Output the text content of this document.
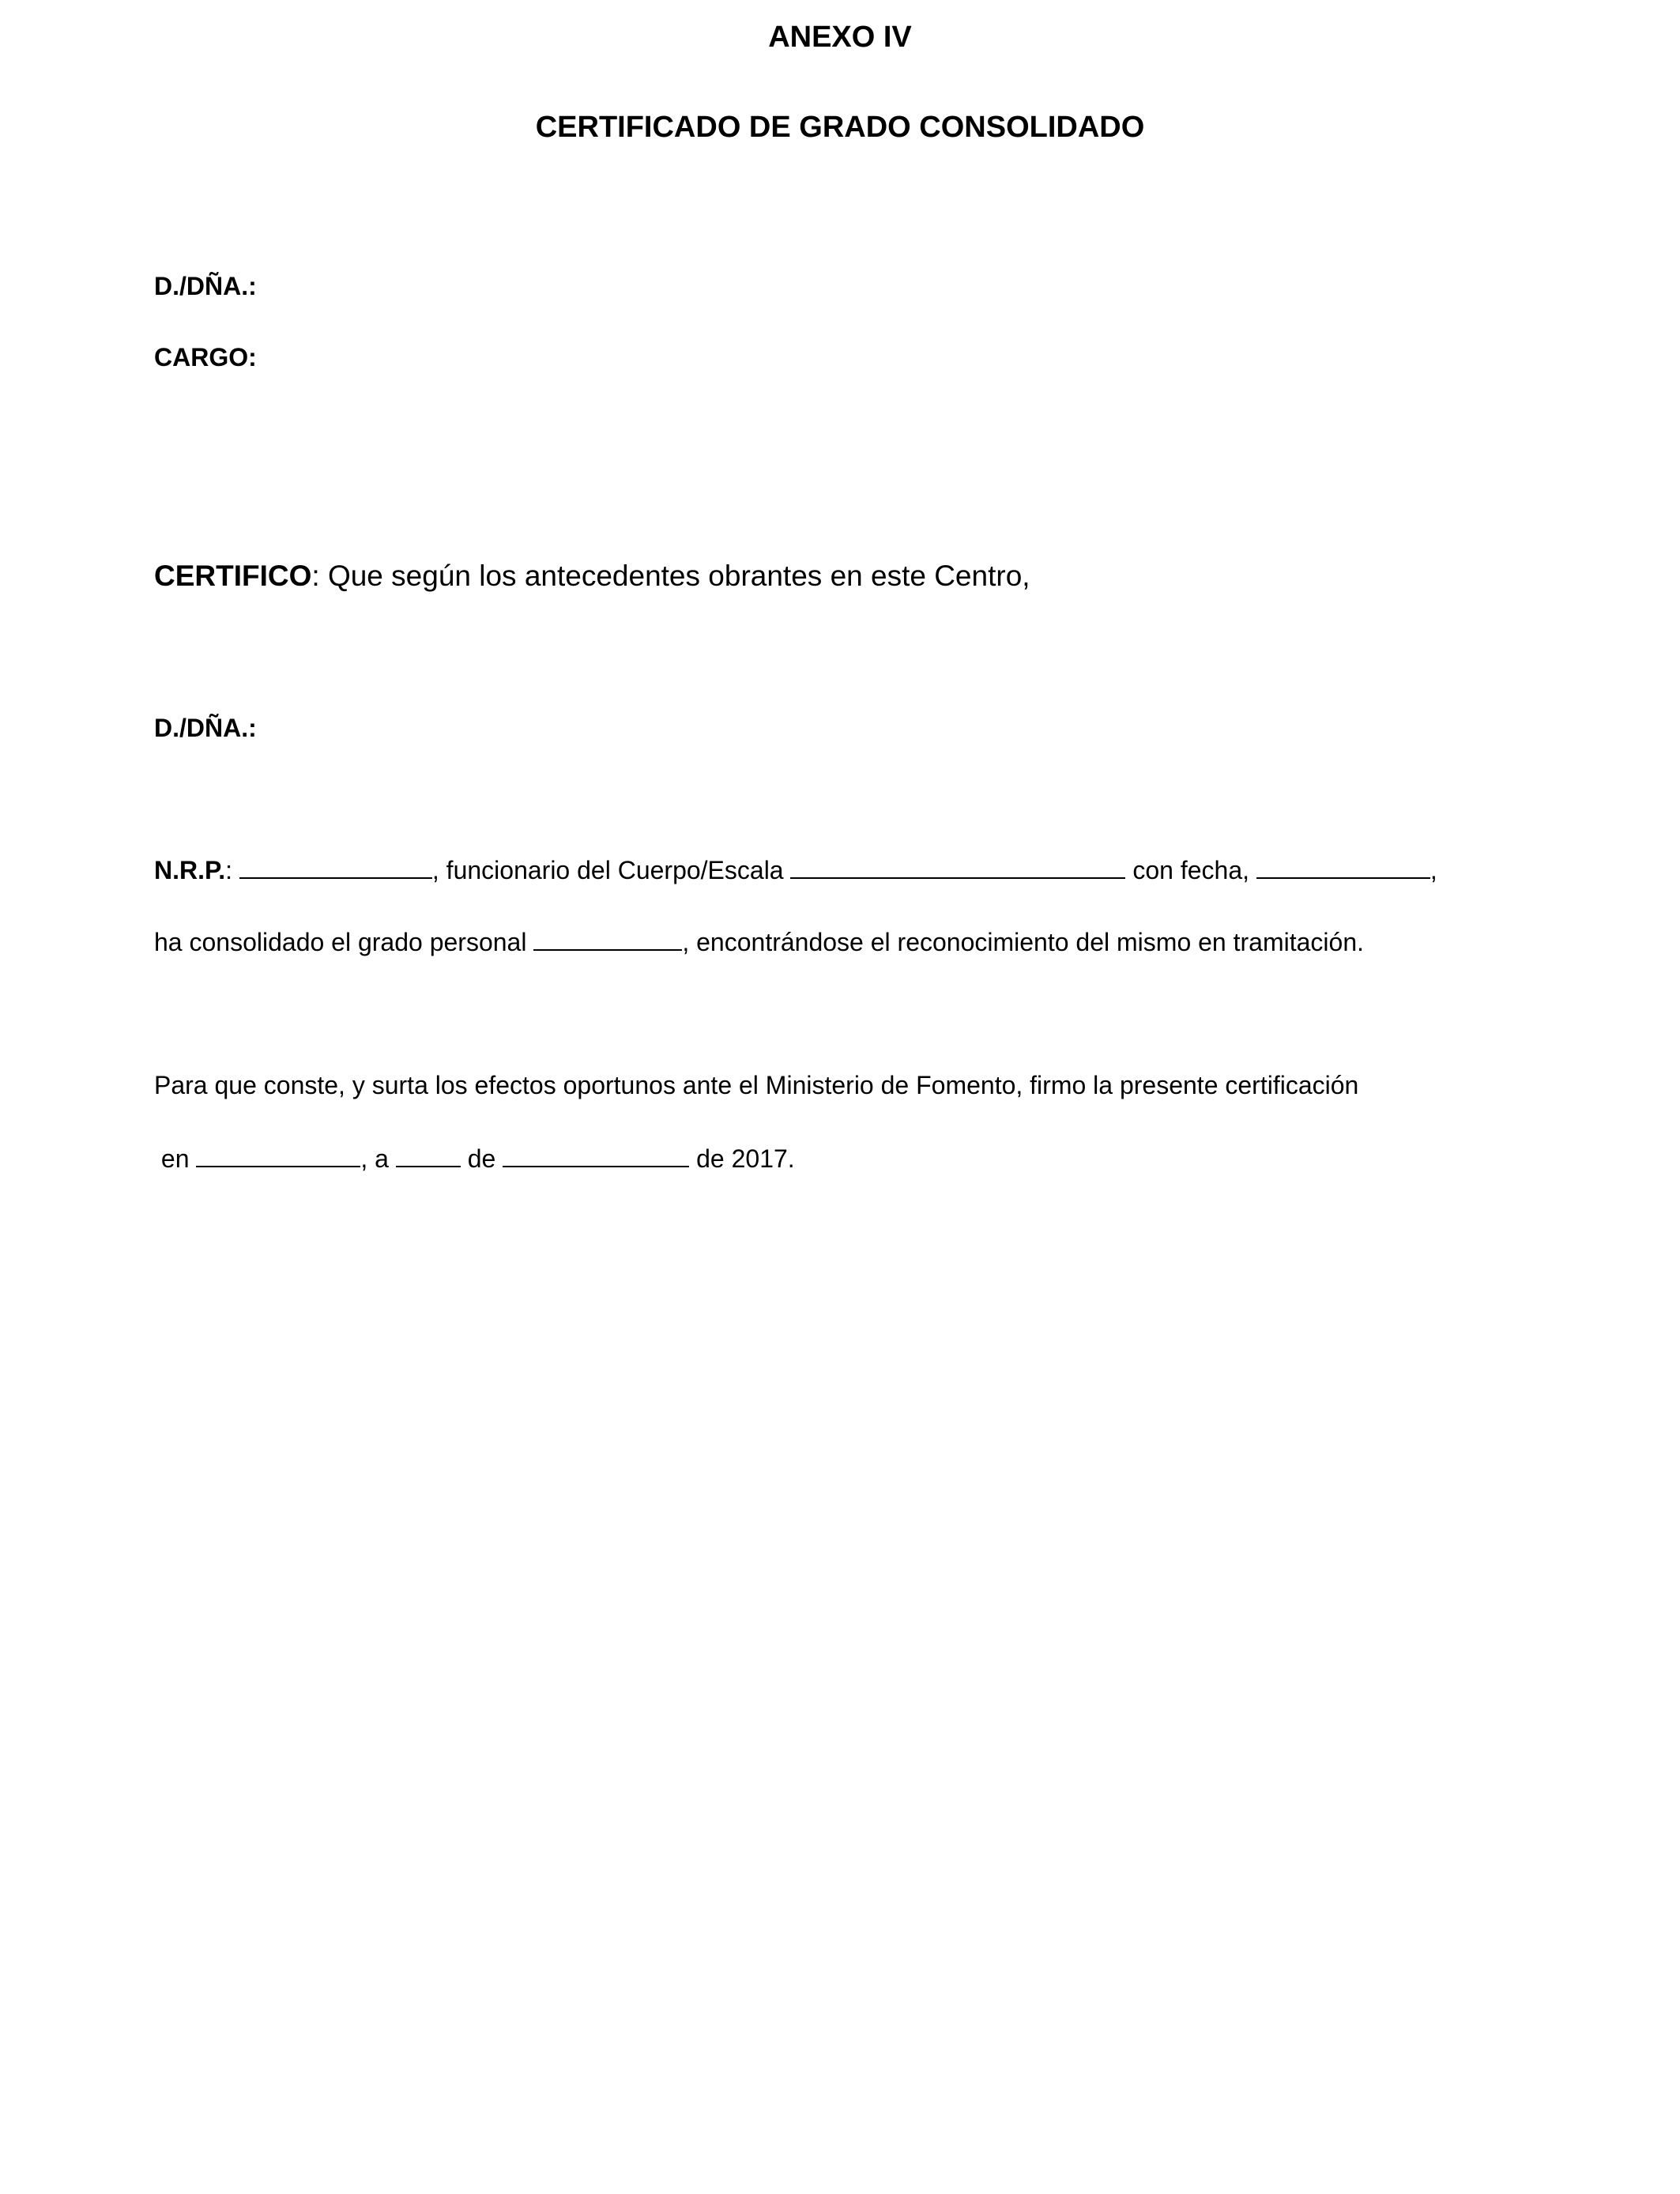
ANEXO IV
CERTIFICADO DE GRADO CONSOLIDADO
D./DÑA.:
CARGO:
CERTIFICO: Que según los antecedentes obrantes en este Centro,
D./DÑA.:
N.R.P.:	, funcionario del Cuerpo/Escala	con fecha,	,
ha consolidado el grado personal	, encontrándose el reconocimiento del mismo en tramitación.
Para que conste, y surta los efectos oportunos ante el Ministerio de Fomento, firmo la presente certificación
en	, a	de	de 2017.
